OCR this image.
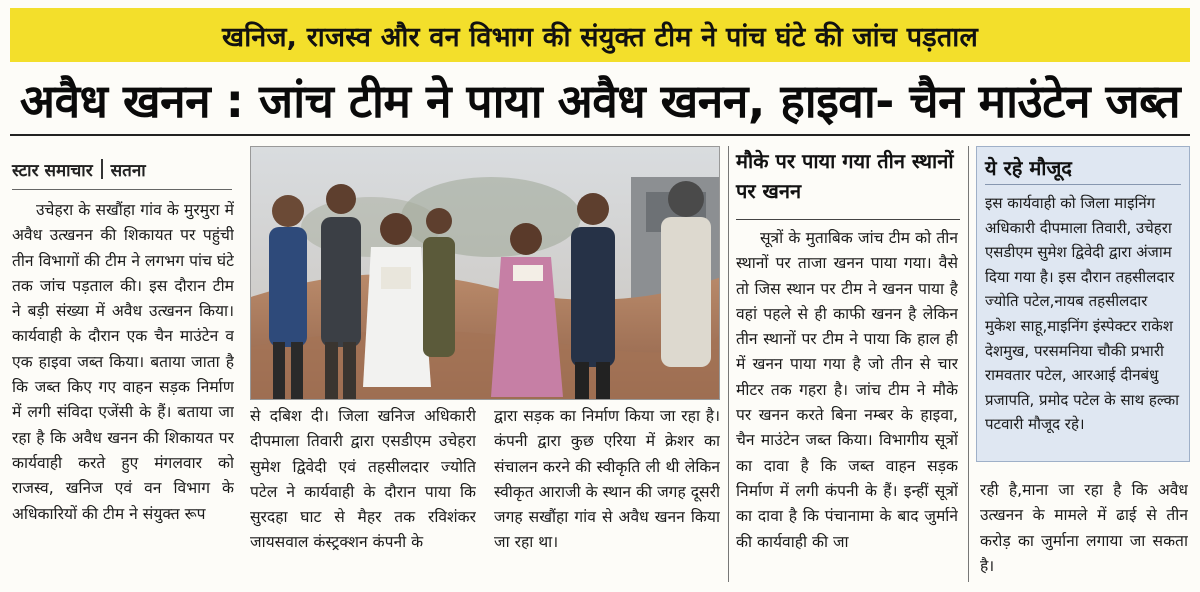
खनिज, राजस्व और वन विभाग की संयुक्त टीम ने पांच घंटे की जांच पड़ताल
अवैध खनन : जांच टीम ने पाया अवैध खनन, हाइवा- चैन माउंटेन जब्त
स्टार समाचार सतना
उचेहरा के सखौंहा गांव के मुरमुरा में अवैध उत्खनन की शिकायत पर पहुंची तीन विभागों की टीम ने लगभग पांच घंटे तक जांच पड़ताल की। इस दौरान टीम ने बड़ी संख्या में अवैध उत्खनन किया। कार्यवाही के दौरान एक चैन माउंटेन व एक हाइवा जब्त किया। बताया जाता है कि जब्त किए गए वाहन सड़क निर्माण में लगी संविदा एजेंसी के हैं। बताया जा रहा है कि अवैध खनन की शिकायत पर कार्यवाही करते हुए मंगलवार को राजस्व, खनिज एवं वन विभाग के अधिकारियों की टीम ने संयुक्त रूप
से दबिश दी। जिला खनिज अधिकारी दीपमाला तिवारी द्वारा एसडीएम उचेहरा सुमेश द्विवेदी एवं तहसीलदार ज्योति पटेल ने कार्यवाही के दौरान पाया कि सुरदहा घाट से मैहर तक रविशंकर जायसवाल कंस्ट्रक्शन कंपनी के
द्वारा सड़क का निर्माण किया जा रहा है। कंपनी द्वारा कुछ एरिया में क्रेशर का संचालन करने की स्वीकृति ली थी लेकिन स्वीकृत आराजी के स्थान की जगह दूसरी जगह सखौंहा गांव से अवैध खनन किया जा रहा था।
मौके पर पाया गया तीन स्थानों पर खनन
सूत्रों के मुताबिक जांच टीम को तीन स्थानों पर ताजा खनन पाया गया। वैसे तो जिस स्थान पर टीम ने खनन पाया है वहां पहले से ही काफी खनन है लेकिन तीन स्थानों पर टीम ने पाया कि हाल ही में खनन पाया गया है जो तीन से चार मीटर तक गहरा है। जांच टीम ने मौके पर खनन करते बिना नम्बर के हाइवा, चैन माउंटेन जब्त किया। विभागीय सूत्रों का दावा है कि जब्त वाहन सड़क निर्माण में लगी कंपनी के हैं। इन्हीं सूत्रों का दावा है कि पंचानामा के बाद जुर्माने की कार्यवाही की जा
ये रहे मौजूद
इस कार्यवाही को जिला माइनिंग अधिकारी दीपमाला तिवारी, उचेहरा एसडीएम सुमेश द्विवेदी द्वारा अंजाम दिया गया है। इस दौरान तहसीलदार ज्योति पटेल,नायब तहसीलदार मुकेश साहू,माइनिंग इंस्पेक्टर राकेश देशमुख, परसमनिया चौकी प्रभारी रामवतार पटेल, आरआई दीनबंधु प्रजापति, प्रमोद पटेल के साथ हल्का पटवारी मौजूद रहे।
रही है,माना जा रहा है कि अवैध उत्खनन के मामले में ढाई से तीन करोड़ का जुर्माना लगाया जा सकता है।
